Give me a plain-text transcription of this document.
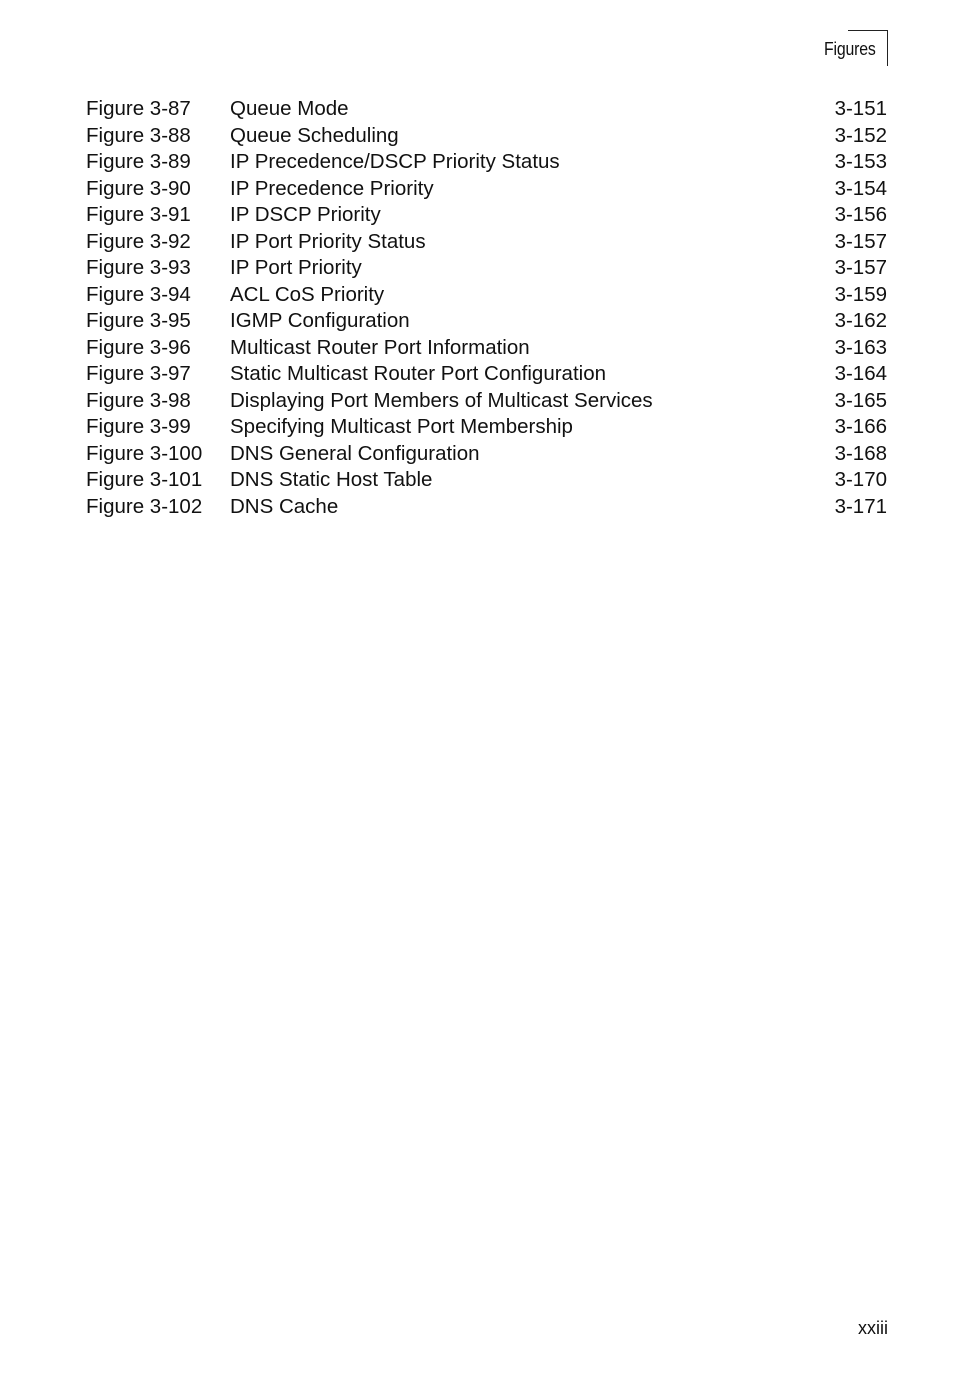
Figures
Figure 3-87 Queue Mode	3-151
Figure 3-88 Queue Scheduling	3-152
Figure 3-89 IP Precedence/DSCP Priority Status	3-153
Figure 3-90 IP Precedence Priority	3-154
Figure 3-91 IP DSCP Priority	3-156
Figure 3-92 IP Port Priority Status	3-157
Figure 3-93 IP Port Priority	3-157
Figure 3-94 ACL CoS Priority	3-159
Figure 3-95 IGMP Configuration	3-162
Figure 3-96 Multicast Router Port Information	3-163
Figure 3-97 Static Multicast Router Port Configuration	3-164
Figure 3-98 Displaying Port Members of Multicast Services	3-165
Figure 3-99 Specifying Multicast Port Membership	3-166
Figure 3-100 DNS General Configuration	3-168
Figure 3-101 DNS Static Host Table	3-170
Figure 3-102 DNS Cache	3-171
xxiii
